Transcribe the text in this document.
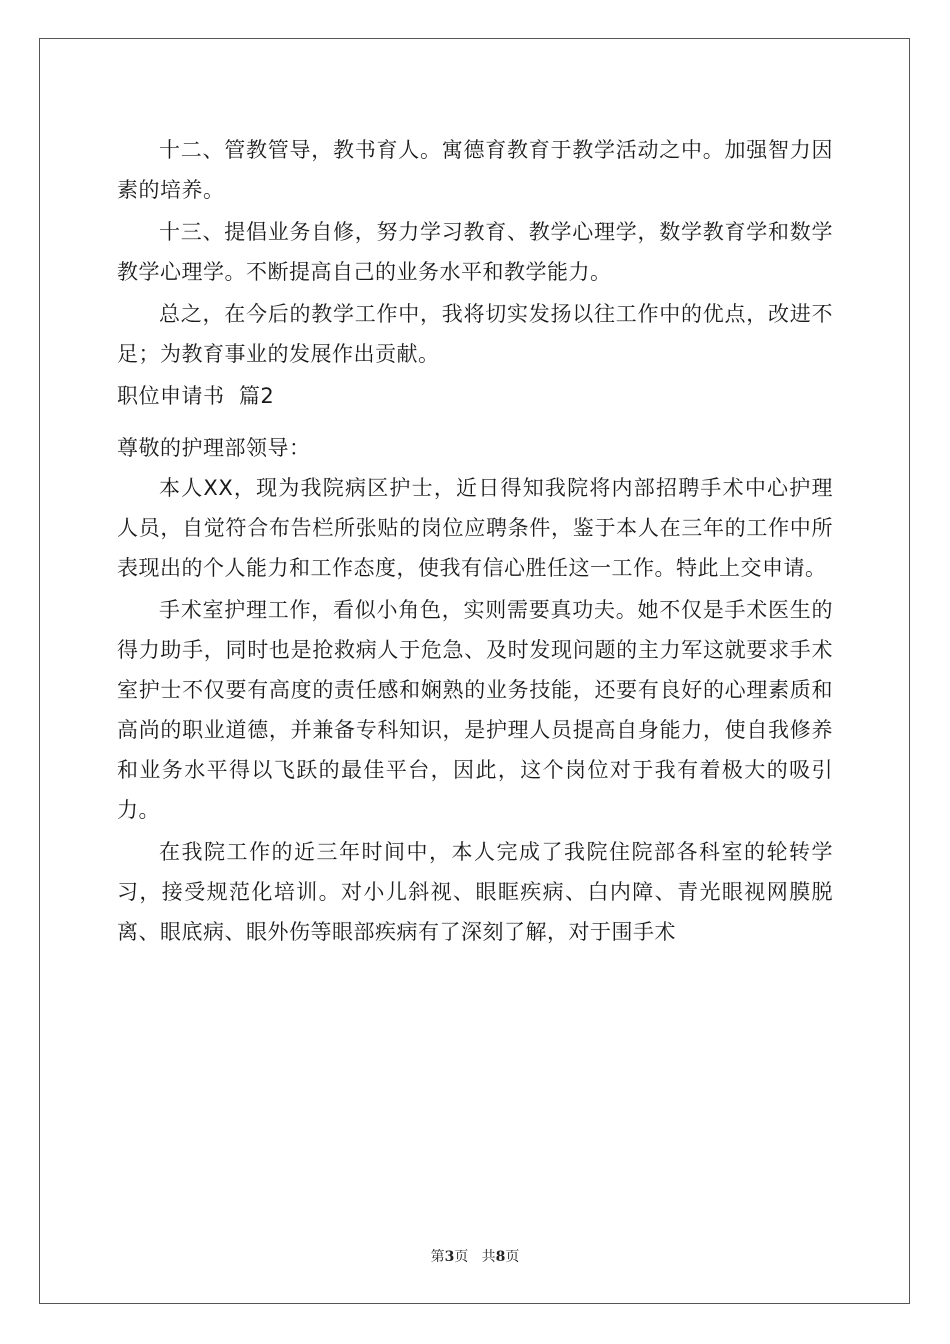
十二、管教管导，教书育人。寓德育教育于教学活动之中。加强智力因素的培养。

十三、提倡业务自修，努力学习教育、教学心理学，数学教育学和数学教学心理学。不断提高自己的业务水平和教学能力。

总之，在今后的教学工作中，我将切实发扬以往工作中的优点，改进不足；为教育事业的发展作出贡献。

职位申请书  篇2

尊敬的护理部领导：

本人XX，现为我院病区护士，近日得知我院将内部招聘手术中心护理人员，自觉符合布告栏所张贴的岗位应聘条件，鉴于本人在三年的工作中所表现出的个人能力和工作态度，使我有信心胜任这一工作。特此上交申请。

手术室护理工作，看似小角色，实则需要真功夫。她不仅是手术医生的得力助手，同时也是抢救病人于危急、及时发现问题的主力军这就要求手术室护士不仅要有高度的责任感和娴熟的业务技能，还要有良好的心理素质和高尚的职业道德，并兼备专科知识，是护理人员提高自身能力，使自我修养和业务水平得以飞跃的最佳平台，因此，这个岗位对于我有着极大的吸引力。

在我院工作的近三年时间中，本人完成了我院住院部各科室的轮转学习，接受规范化培训。对小儿斜视、眼眶疾病、白内障、青光眼视网膜脱离、眼底病、眼外伤等眼部疾病有了深刻了解，对于围手术

第3页 共8页
